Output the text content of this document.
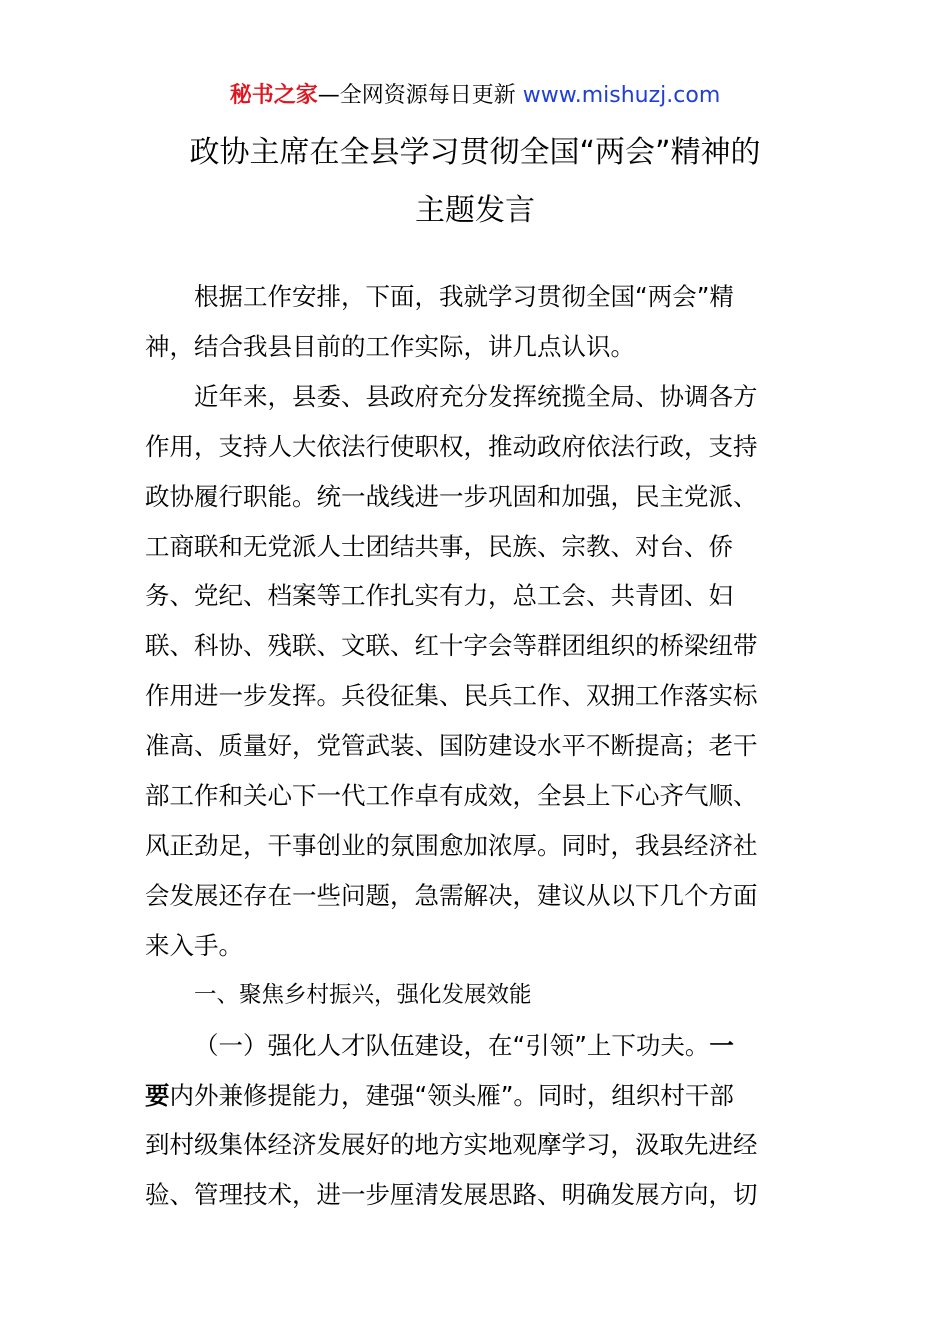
秘书之家—全网资源每日更新 www.mishuzj.com
政协主席在全县学习贯彻全国“两会”精神的
主题发言

根据工作安排，下面，我就学习贯彻全国“两会”精
神，结合我县目前的工作实际，讲几点认识。

近年来，县委、县政府充分发挥统揽全局、协调各方
作用，支持人大依法行使职权，推动政府依法行政，支持
政协履行职能。统一战线进一步巩固和加强，民主党派、
工商联和无党派人士团结共事，民族、宗教、对台、侨
务、党纪、档案等工作扎实有力，总工会、共青团、妇
联、科协、残联、文联、红十字会等群团组织的桥梁纽带
作用进一步发挥。兵役征集、民兵工作、双拥工作落实标
准高、质量好，党管武装、国防建设水平不断提高；老干
部工作和关心下一代工作卓有成效，全县上下心齐气顺、
风正劲足，干事创业的氛围愈加浓厚。同时，我县经济社
会发展还存在一些问题，急需解决，建议从以下几个方面
来入手。

一、聚焦乡村振兴，强化发展效能

（一）强化人才队伍建设，在“引领”上下功夫。一
要内外兼修提能力，建强“领头雁”。同时，组织村干部
到村级集体经济发展好的地方实地观摩学习，汲取先进经
验、管理技术，进一步厘清发展思路、明确发展方向，切
